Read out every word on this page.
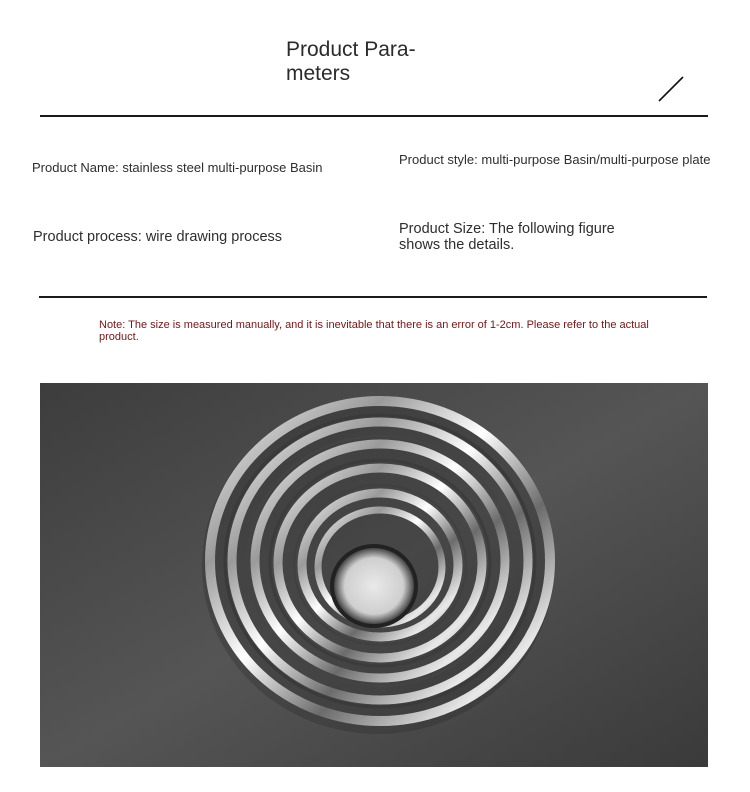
Product Para-meters
Product Name: stainless steel multi-purpose Basin
Product style: multi-purpose Basin/multi-purpose plate
Product process: wire drawing process	Product Size: The following figure shows the details.
Note: The size is measured manually, and it is inevitable that there is an error of 1-2cm. Please refer to the actual product.
